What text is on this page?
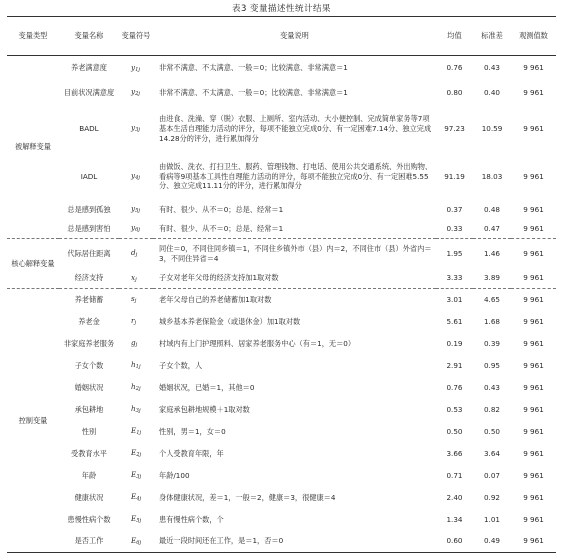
表3 变量描述性统计结果
变量类型	变量名称	变量符号	变量说明	均值	标准差	观测值数
被解释变量	养老满意度	y1j	非常不满意、不太满意、一般＝0；比较满意、非常满意＝1	0.76	0.43	9 961
	目前状况满意度	y2j	非常不满意、不太满意、一般＝0；比较满意、非常满意＝1	0.80	0.40	9 961
	BADL	y3j	由进食、洗澡、穿（脱）衣服、上厕所、室内活动、大小便控制、完成简单家务等7项基本生活自理能力活动的评分，每项不能独立完成0分、有一定困难7.14分、独立完成14.28分的评分，进行累加得分	97.23	10.59	9 961
	IADL	y4j	由做饭、洗衣、打扫卫生、服药、管理钱物、打电话、使用公共交通系统、外出购物、看病等9项基本工具性自理能力活动的评分，每项不能独立完成0分、有一定困难5.55分、独立完成11.11分的评分，进行累加得分	91.19	18.03	9 961
	总是感到孤独	y5j	有时、很少、从不＝0；总是、经常＝1	0.37	0.48	9 961
	总是感到害怕	y6j	有时、很少、从不＝0；总是、经常＝1	0.33	0.47	9 961
核心解释变量	代际居住距离	dj	同住＝0，不同住同乡镇＝1，不同住乡镇外市（县）内＝2，不同住市（县）外省内＝3，不同住异省＝4	1.95	1.46	9 961
	经济支持	xj	子女对老年父母的经济支持加1取对数	3.33	3.89	9 961
控制变量	养老储蓄	sj	老年父母自己的养老储蓄加1取对数	3.01	4.65	9 961
	养老金	rj	城乡基本养老保险金（或退休金）加1取对数	5.61	1.68	9 961
	非家庭养老服务	gj	村域内有上门护理照料、居家养老服务中心（有＝1，无＝0）	0.19	0.39	9 961
	子女个数	h1j	子女个数，人	2.91	0.95	9 961
	婚姻状况	h2j	婚姻状况，已婚＝1，其他＝0	0.76	0.43	9 961
	承包耕地	h3j	家庭承包耕地规模＋1取对数	0.53	0.82	9 961
	性别	E1j	性别，男＝1，女＝0	0.50	0.50	9 961
	受教育水平	E2j	个人受教育年限，年	3.66	3.64	9 961
	年龄	E3j	年龄/100	0.71	0.07	9 961
	健康状况	E4j	身体健康状况，差＝1，一般＝2，健康＝3，很健康＝4	2.40	0.92	9 961
	患慢性病个数	E5j	患有慢性病个数，个	1.34	1.01	9 961
	是否工作	E6j	最近一段时间还在工作，是＝1，否＝0	0.60	0.49	9 961
